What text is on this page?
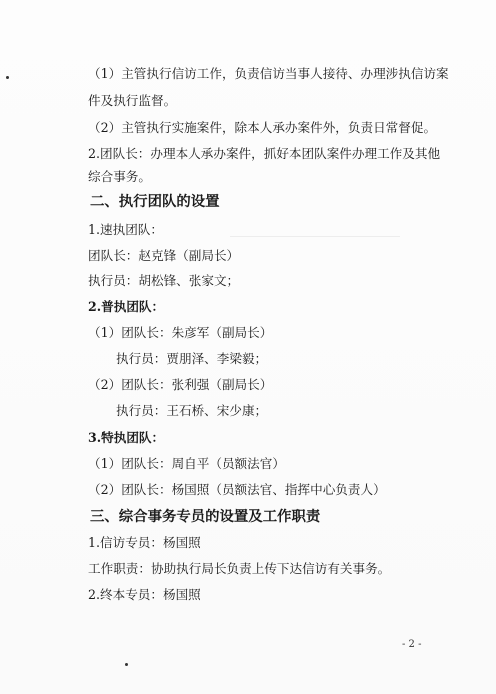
（1）主管执行信访工作，负责信访当事人接待、办理涉执信访案
件及执行监督。
（2）主管执行实施案件，除本人承办案件外，负责日常督促。
2.团队长：办理本人承办案件，抓好本团队案件办理工作及其他
综合事务。
二、执行团队的设置
1.速执团队：
团队长：赵克锋（副局长）
执行员：胡松锋、张家文；
2.普执团队：
（1）团队长：朱彦军（副局长）
执行员：贾朋泽、李梁毅；
（2）团队长：张利强（副局长）
执行员：王石桥、宋少康；
3.特执团队：
（1）团队长：周自平（员额法官）
（2）团队长：杨国照（员额法官、指挥中心负责人）
三、综合事务专员的设置及工作职责
1.信访专员：杨国照
工作职责：协助执行局长负责上传下达信访有关事务。
2.终本专员：杨国照
- 2 -
